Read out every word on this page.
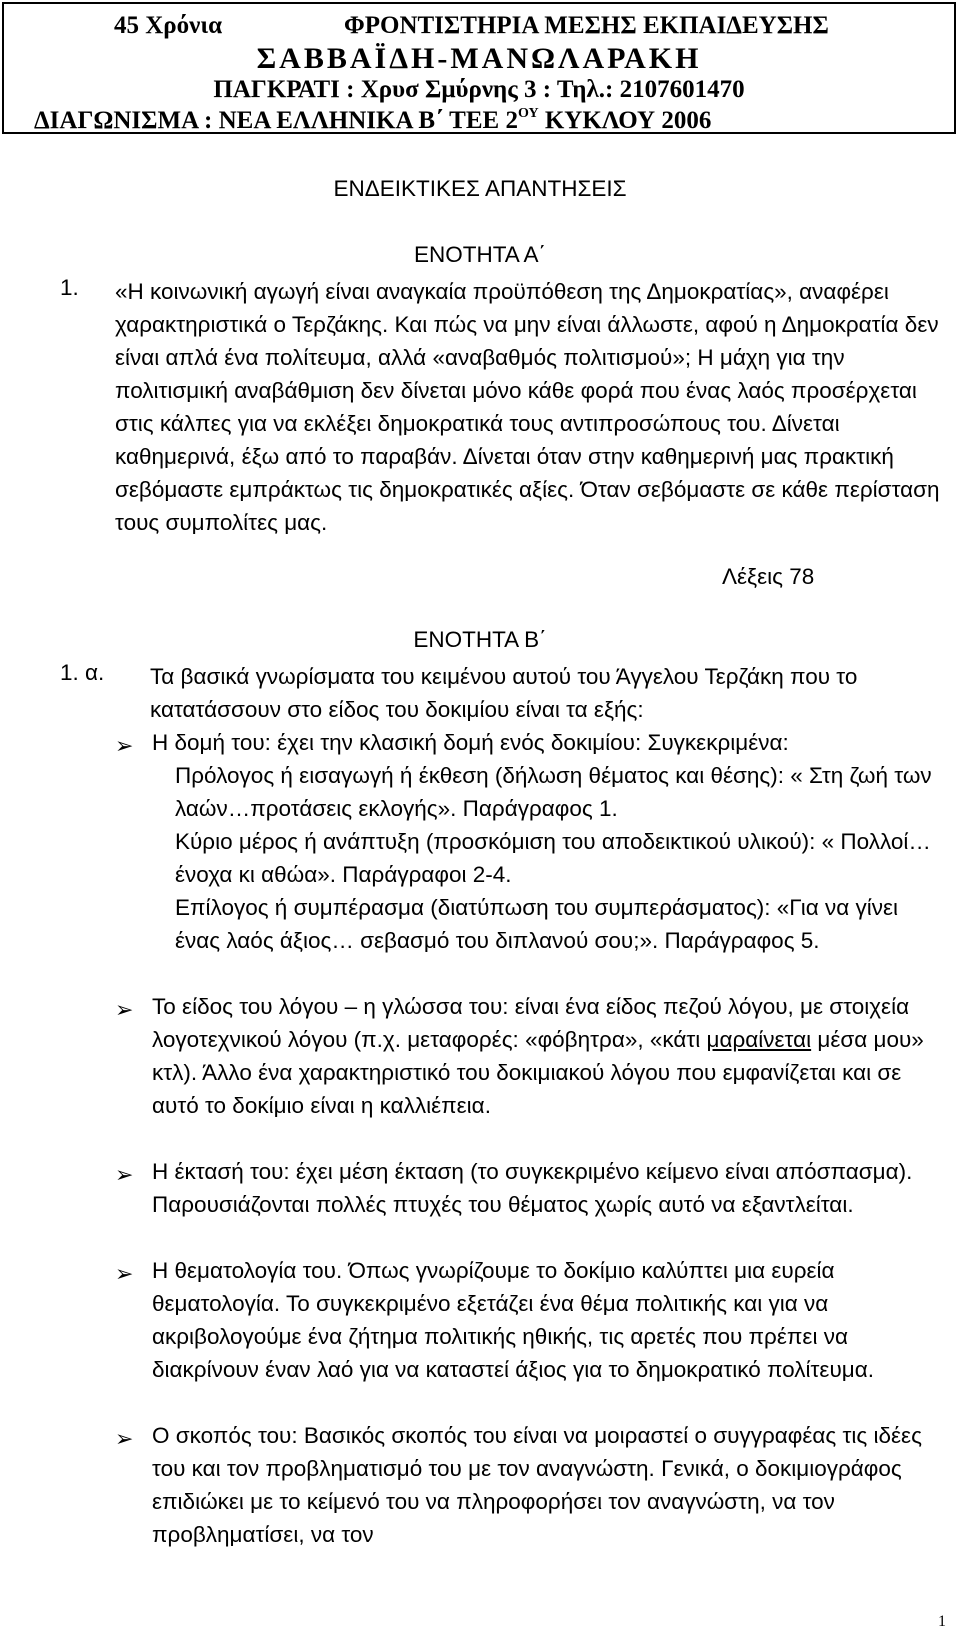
45 Χρόνια	ΦΡΟΝΤΙΣΤΗΡΙΑ ΜΕΣΗΣ ΕΚΠΑΙΔΕΥΣΗΣ
ΣΑΒΒΑΪΔΗ-ΜΑΝΩΛΑΡΑΚΗ
ΠΑΓΚΡΑΤΙ : Χρυσ Σμύρνης 3 : Τηλ.: 2107601470
ΔΙΑΓΩΝΙΣΜΑ : ΝΕΑ ΕΛΛΗΝΙΚΑ Β΄ ΤΕΕ $2^{O\Upsilon}$ ΚΥΚΛΟΥ 2006
ΕΝΔΕΙΚΤΙΚΕΣ ΑΠΑΝΤΗΣΕΙΣ
ΕΝΟΤΗΤΑ Α΄
1. «Η κοινωνική αγωγή είναι αναγκαία προϋπόθεση της Δημοκρατίας», αναφέρει χαρακτηριστικά ο Τερζάκης. Και πώς να μην είναι άλλωστε, αφού η Δημοκρατία δεν είναι απλά ένα πολίτευμα, αλλά «αναβαθμός πολιτισμού»; Η μάχη για την πολιτισμική αναβάθμιση δεν δίνεται μόνο κάθε φορά που ένας λαός προσέρχεται στις κάλπες για να εκλέξει δημοκρατικά τους αντιπροσώπους του. Δίνεται καθημερινά, έξω από το παραβάν. Δίνεται όταν στην καθημερινή μας πρακτική σεβόμαστε εμπράκτως τις δημοκρατικές αξίες. Όταν σεβόμαστε σε κάθε περίσταση τους συμπολίτες μας.
Λέξεις 78
ΕΝΟΤΗΤΑ Β΄
1. α. Τα βασικά γνωρίσματα του κειμένου αυτού του Άγγελου Τερζάκη που το κατατάσσουν στο είδος του δοκιμίου είναι τα εξής:
➢ Η δομή του: έχει την κλασική δομή ενός δοκιμίου: Συγκεκριμένα:
Πρόλογος ή εισαγωγή ή έκθεση (δήλωση θέματος και θέσης): « Στη ζωή των λαών…προτάσεις εκλογής». Παράγραφος 1.
Κύριο μέρος ή ανάπτυξη (προσκόμιση του αποδεικτικού υλικού): « Πολλοί…ένοχα κι αθώα». Παράγραφοι 2-4.
Επίλογος ή συμπέρασμα (διατύπωση του συμπεράσματος): «Για να γίνει ένας λαός άξιος… σεβασμό του διπλανού σου;». Παράγραφος 5.
➢ Το είδος του λόγου – η γλώσσα του: είναι ένα είδος πεζού λόγου, με στοιχεία λογοτεχνικού λόγου (π.χ. μεταφορές: «φόβητρα», «κάτι μαραίνεται μέσα μου» κτλ). Άλλο ένα χαρακτηριστικό του δοκιμιακού λόγου που εμφανίζεται και σε αυτό το δοκίμιο είναι η καλλιέπεια.
➢ Η έκτασή του: έχει μέση έκταση (το συγκεκριμένο κείμενο είναι απόσπασμα). Παρουσιάζονται πολλές πτυχές του θέματος χωρίς αυτό να εξαντλείται.
➢ Η θεματολογία του. Όπως γνωρίζουμε το δοκίμιο καλύπτει μια ευρεία θεματολογία. Το συγκεκριμένο εξετάζει ένα θέμα πολιτικής και για να ακριβολογούμε ένα ζήτημα πολιτικής ηθικής, τις αρετές που πρέπει να διακρίνουν έναν λαό για να καταστεί άξιος για το δημοκρατικό πολίτευμα.
➢ Ο σκοπός του: Βασικός σκοπός του είναι να μοιραστεί ο συγγραφέας τις ιδέες του και τον προβληματισμό του με τον αναγνώστη. Γενικά, ο δοκιμιογράφος επιδιώκει με το κείμενό του να πληροφορήσει τον αναγνώστη, να τον προβληματίσει, να τον
1
